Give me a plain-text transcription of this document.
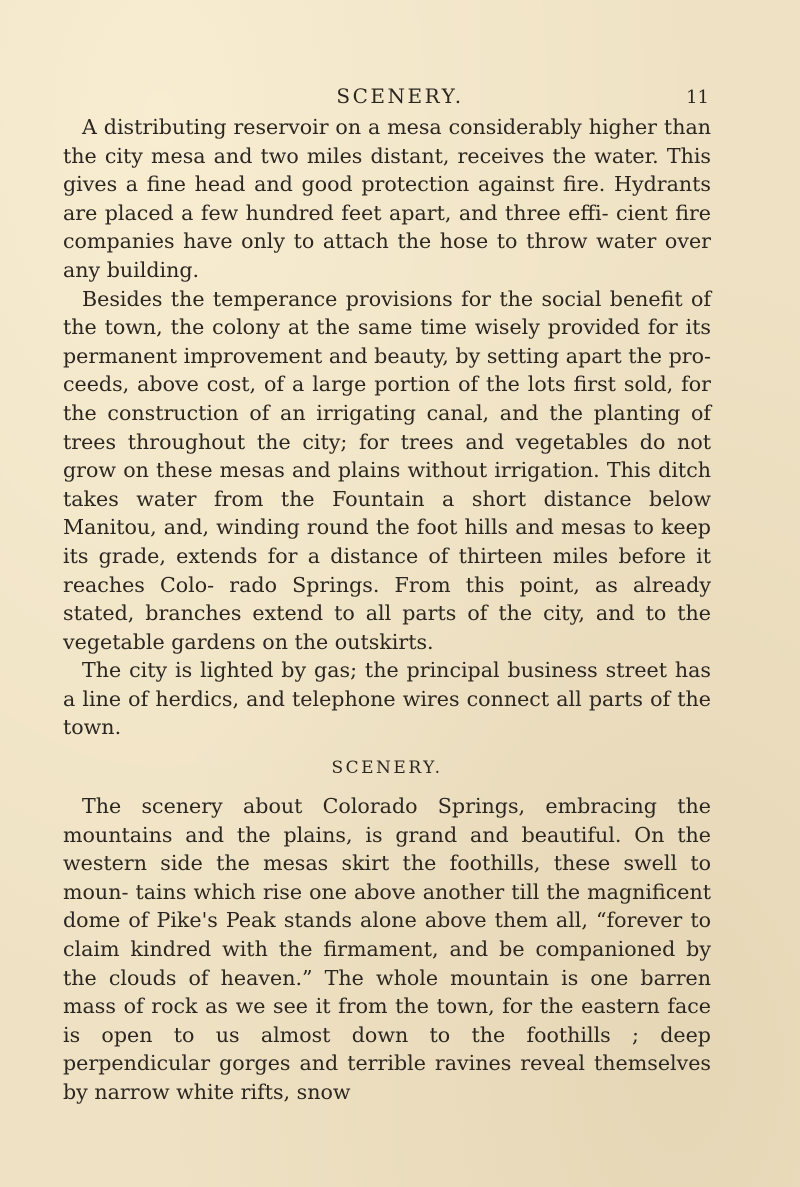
SCENERY.	11

A distributing reservoir on a mesa considerably higher than the city mesa and two miles distant, receives the water. This gives a fine head and good protection against fire. Hydrants are placed a few hundred feet apart, and three effi- cient fire companies have only to attach the hose to throw water over any building.

Besides the temperance provisions for the social benefit of the town, the colony at the same time wisely provided for its permanent improvement and beauty, by setting apart the pro- ceeds, above cost, of a large portion of the lots first sold, for the construction of an irrigating canal, and the planting of trees throughout the city; for trees and vegetables do not grow on these mesas and plains without irrigation. This ditch takes water from the Fountain a short distance below Manitou, and, winding round the foot hills and mesas to keep its grade, extends for a distance of thirteen miles before it reaches Colo- rado Springs. From this point, as already stated, branches extend to all parts of the city, and to the vegetable gardens on the outskirts.

The city is lighted by gas; the principal business street has a line of herdics, and telephone wires connect all parts of the town.

SCENERY.

The scenery about Colorado Springs, embracing the mountains and the plains, is grand and beautiful. On the western side the mesas skirt the foothills, these swell to moun- tains which rise one above another till the magnificent dome of Pike's Peak stands alone above them all, “forever to claim kindred with the firmament, and be companioned by the clouds of heaven.” The whole mountain is one barren mass of rock as we see it from the town, for the eastern face is open to us almost down to the foothills ; deep perpendicular gorges and terrible ravines reveal themselves by narrow white rifts, snow
